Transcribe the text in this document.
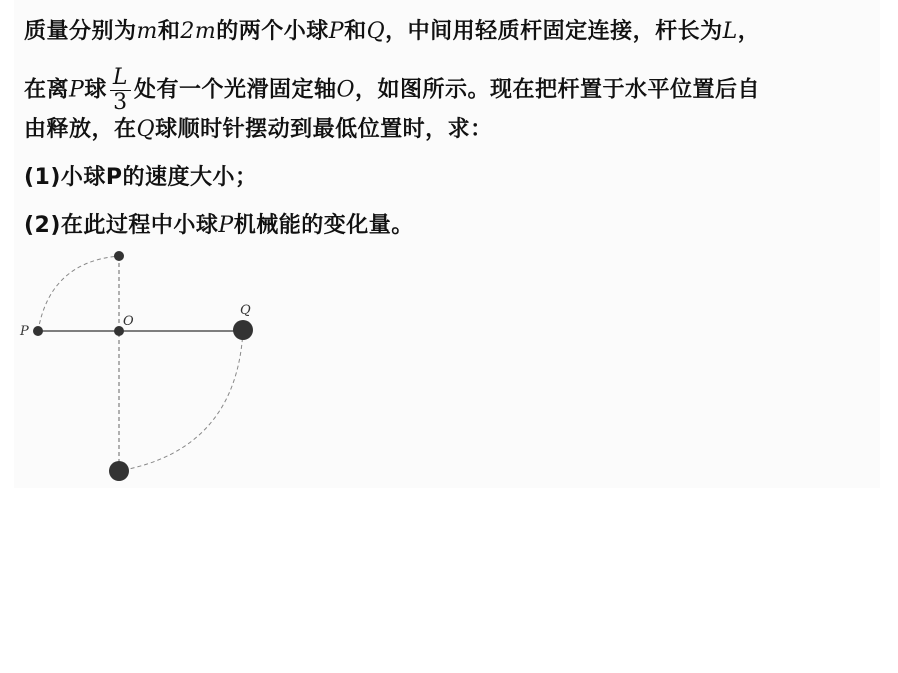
质量分别为m和2m的两个小球P和Q，中间用轻质杆固定连接，杆长为L，
在离P球 $\frac{L}{3}$ 处有一个光滑固定轴O，如图所示。现在把杆置于水平位置后自
由释放，在Q球顺时针摆动到最低位置时，求：
(1)小球P的速度大小；
(2)在此过程中小球P机械能的变化量。
P
O
Q
